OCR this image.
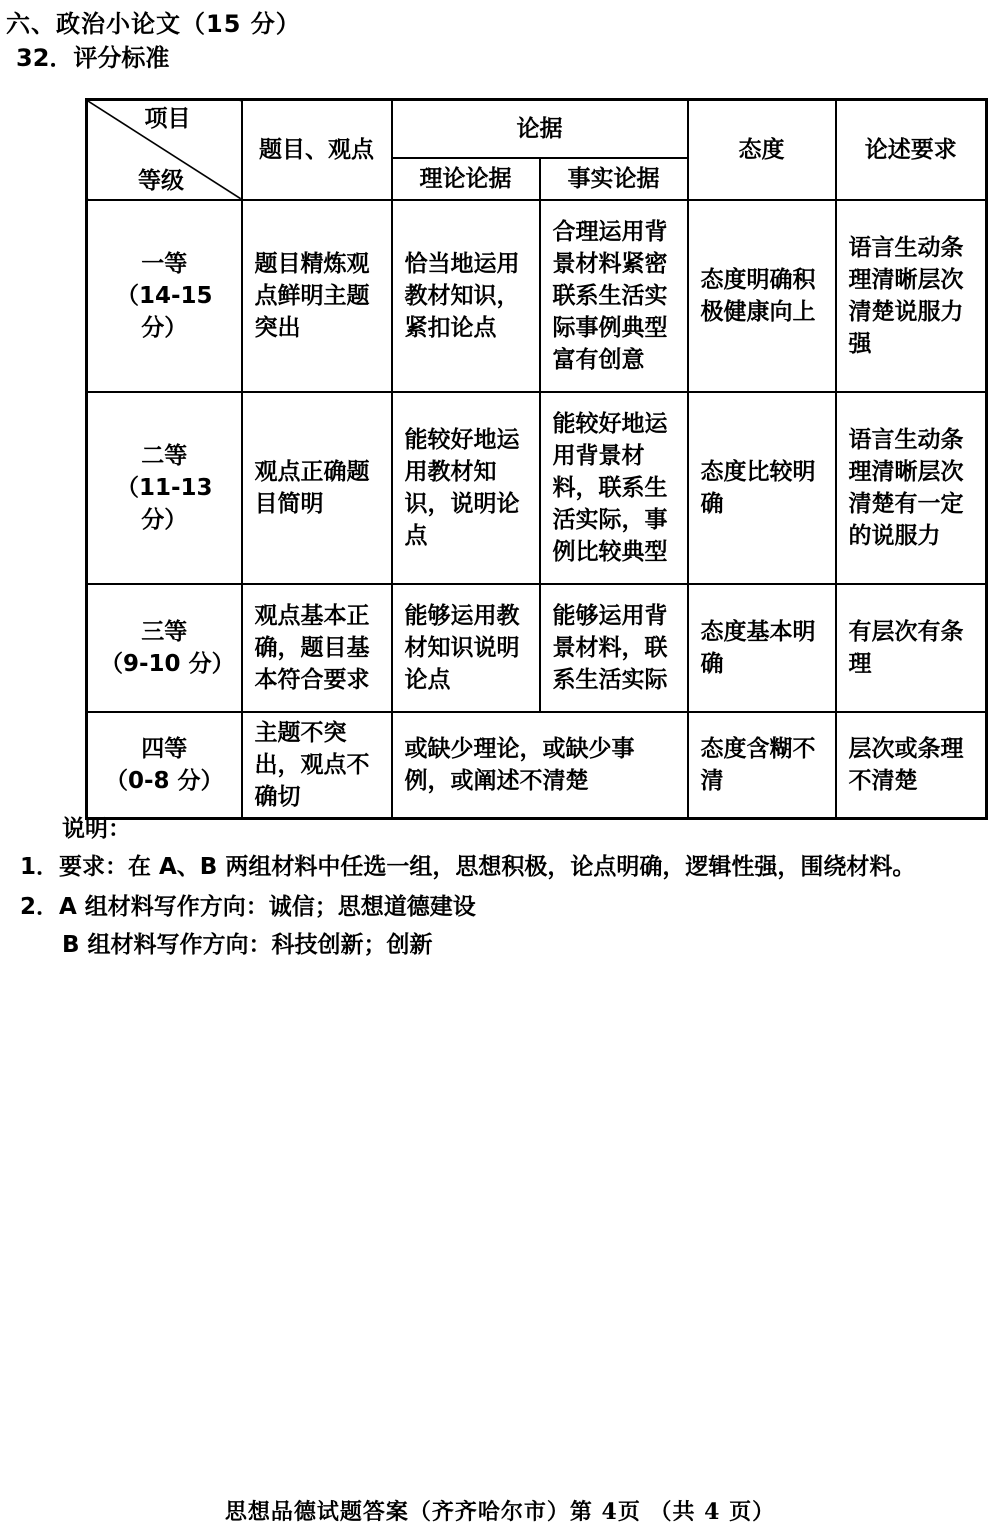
六、政治小论文（15 分）
32．评分标准
项目
等级	题目、观点	论据		态度	论述要求
		理论论据	事实论据		

一等
（14-15 分）	题目精炼观点鲜明主题突出	恰当地运用教材知识，紧扣论点	合理运用背景材料紧密联系生活实际事例典型富有创意	态度明确积极健康向上	语言生动条理清晰层次清楚说服力强

二等
（11-13 分）	观点正确题目简明	能较好地运用教材知识，说明论点	能较好地运用背景材料，联系生活实际，事例比较典型	态度比较明确	语言生动条理清晰层次清楚有一定的说服力

三等
（9-10 分）	观点基本正确，题目基本符合要求	能够运用教材知识说明论点	能够运用背景材料，联系生活实际	态度基本明确	有层次有条理

四等
（0-8 分）	主题不突出，观点不确切	或缺少理论，或缺少事例，或阐述不清楚		态度含糊不清	层次或条理不清楚
说明：
1．要求：在 A、B 两组材料中任选一组，思想积极，论点明确，逻辑性强，围绕材料。
2．A 组材料写作方向：诚信；思想道德建设
B 组材料写作方向：科技创新；创新
思想品德试题答案（齐齐哈尔市）第 4页 （共 4 页）
